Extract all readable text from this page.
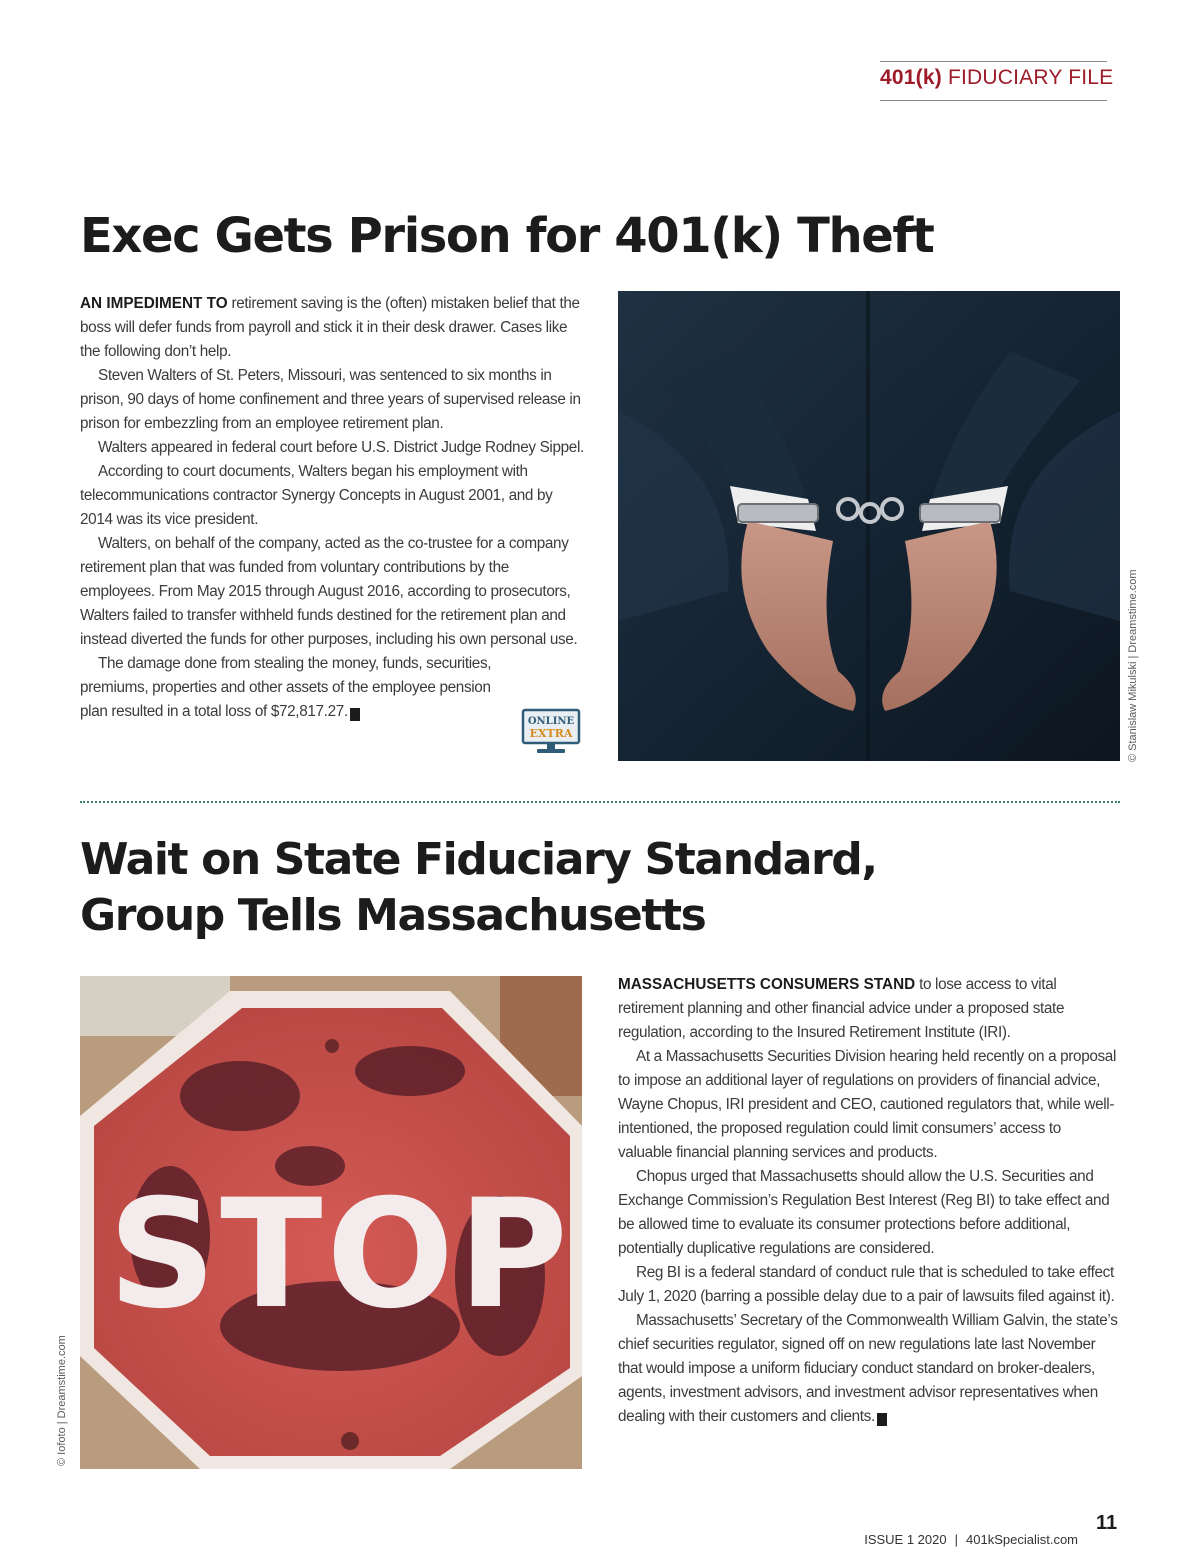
401(k) FIDUCIARY FILE
Exec Gets Prison for 401(k) Theft

AN IMPEDIMENT TO retirement saving is the (often) mistaken belief that the boss will defer funds from payroll and stick it in their desk drawer. Cases like the following don’t help.

Steven Walters of St. Peters, Missouri, was sentenced to six months in prison, 90 days of home confinement and three years of supervised release in prison for embezzling from an employee retirement plan.

Walters appeared in federal court before U.S. District Judge Rodney Sippel.

According to court documents, Walters began his employment with telecommunications contractor Synergy Concepts in August 2001, and by 2014 was its vice president.

Walters, on behalf of the company, acted as the co-trustee for a company retirement plan that was funded from voluntary contributions by the employees. From May 2015 through August 2016, according to prosecutors, Walters failed to transfer withheld funds destined for the retirement plan and instead diverted the funds for other purposes, including his own personal use.

The damage done from stealing the money, funds, securities, premiums, properties and other assets of the employee pension plan resulted in a total loss of $72,817.27. K

ONLINE
EXTRA	© Stanislaw Mikulski | Dreamstime.com
Wait on State Fiduciary Standard,
Group Tells Massachusetts
STOP
© Iofoto | Dreamstime.com

MASSACHUSETTS CONSUMERS STAND to lose access to vital retirement planning and other financial advice under a proposed state regulation, according to the Insured Retirement Institute (IRI).

At a Massachusetts Securities Division hearing held recently on a proposal to impose an additional layer of regulations on providers of financial advice, Wayne Chopus, IRI president and CEO, cautioned regulators that, while well-intentioned, the proposed regulation could limit consumers’ access to valuable financial planning services and products.

Chopus urged that Massachusetts should allow the U.S. Securities and Exchange Commission’s Regulation Best Interest (Reg BI) to take effect and be allowed time to evaluate its consumer protections before additional, potentially duplicative regulations are considered.

Reg BI is a federal standard of conduct rule that is scheduled to take effect July 1, 2020 (barring a possible delay due to a pair of lawsuits filed against it).

Massachusetts’ Secretary of the Commonwealth William Galvin, the state’s chief securities regulator, signed off on new regulations late last November that would impose a uniform fiduciary conduct standard on broker-dealers, agents, investment advisors, and investment advisor representatives when dealing with their customers and clients. K

ISSUE 1 2020 | 401kSpecialist.com
11
